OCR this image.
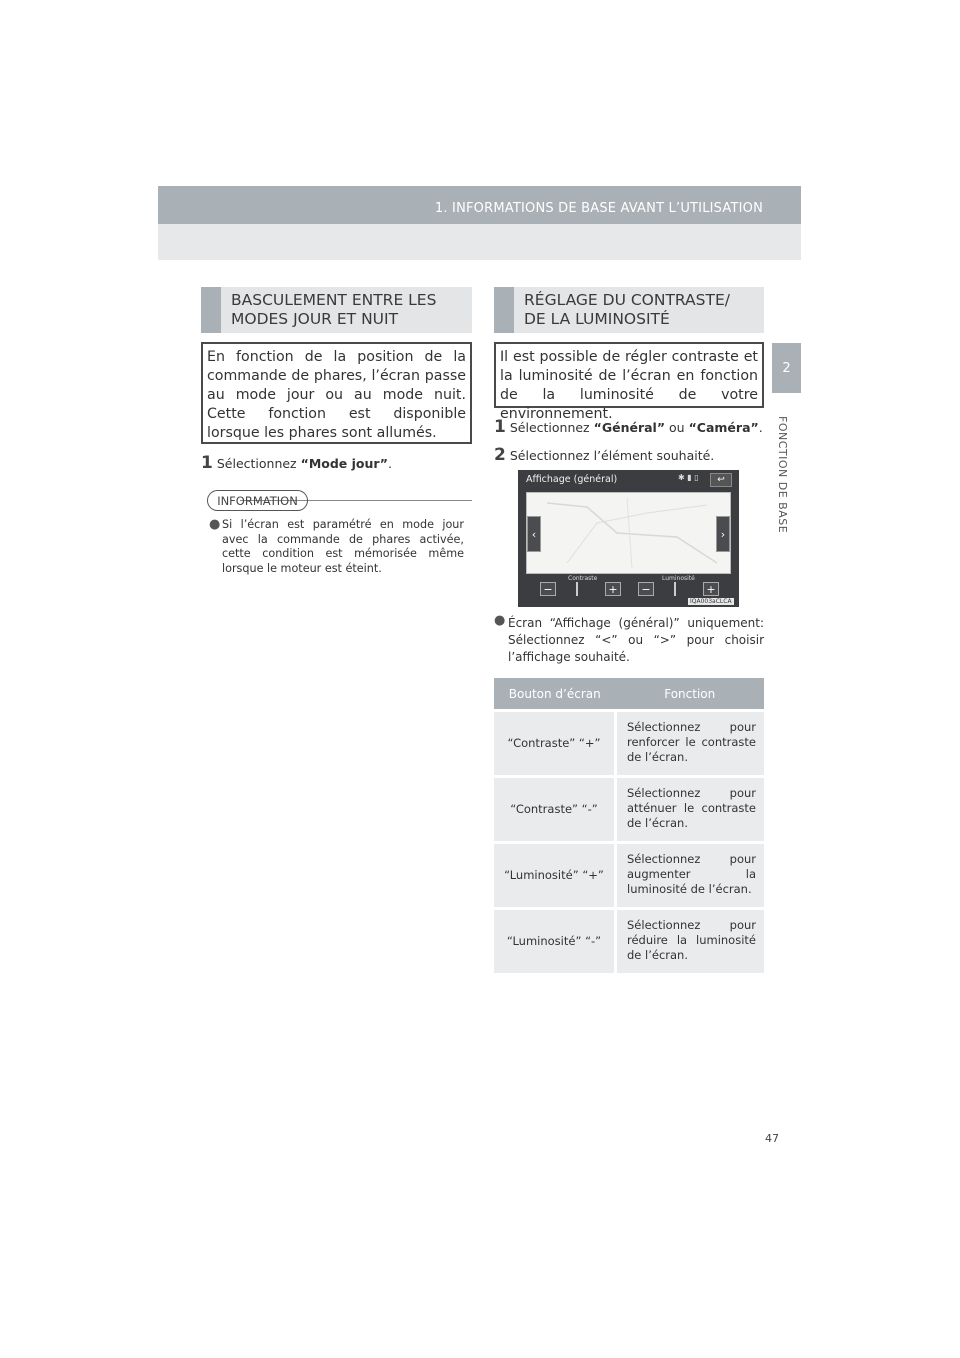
1. INFORMATIONS DE BASE AVANT L’UTILISATION
2
FONCTION DE BASE
BASCULEMENT ENTRE LES
MODES JOUR ET NUIT
En fonction de la position de la commande de phares, l’écran passe au mode jour ou au mode nuit. Cette fonction est disponible lorsque les phares sont allumés.
1 Sélectionnez “Mode jour”.
INFORMATION
● Si l’écran est paramétré en mode jour avec la commande de phares activée, cette condition est mémorisée même lorsque le moteur est éteint.
RÉGLAGE DU CONTRASTE/
DE LA LUMINOSITÉ
Il est possible de régler contraste et la luminosité de l’écran en fonction de la luminosité de votre environnement.
1 Sélectionnez “Général” ou “Caméra”.
2 Sélectionnez l’élément souhaité.
Affichage (général)	✱ ▮ ▯	↩
‹	›
Contraste	Luminosité
−	+	−	+
IQA003aCLCA
● Écran “Affichage (général)” uniquement: Sélectionnez “<” ou “>” pour choisir l’affichage souhaité.
Bouton d’écran	Fonction
“Contraste” “+”	Sélectionnez pour renforcer le contraste de l’écran.
“Contraste” “-”	Sélectionnez pour atténuer le contraste de l’écran.
“Luminosité” “+”	Sélectionnez pour augmenter la luminosité de l’écran.
“Luminosité” “-”	Sélectionnez pour réduire la luminosité de l’écran.
47
